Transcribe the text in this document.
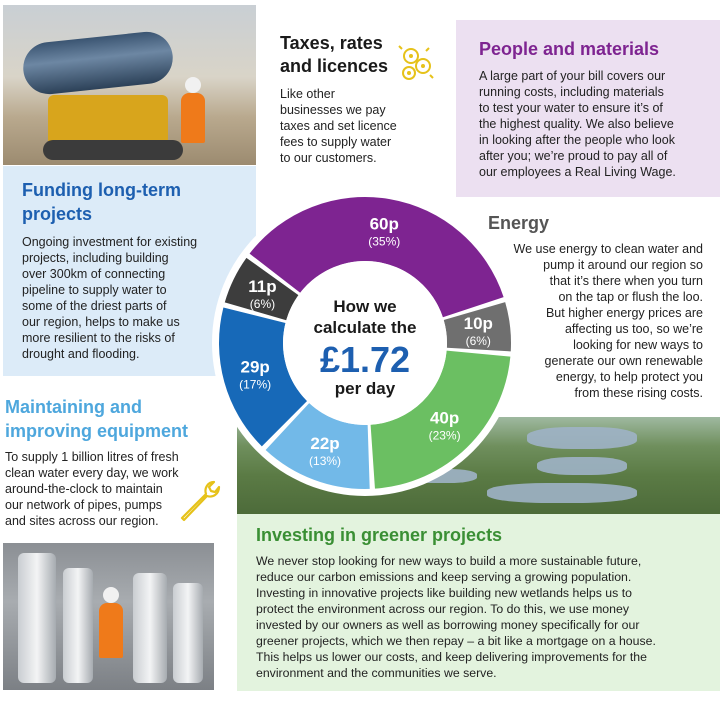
Taxes, rates
and licences
Like other
businesses we pay
taxes and set licence
fees to supply water
to our customers.
People and materials
A large part of your bill covers our
running costs, including materials
to test your water to ensure it’s of
the highest quality. We also believe
in looking after the people who look
after you; we’re proud to pay all of
our employees a Real Living Wage.
Funding long-term
projects
Ongoing investment for existing
projects, including building
over 300km of connecting
pipeline to supply water to
some of the driest parts of
our region, helps to make us
more resilient to the risks of
drought and flooding.
Energy
We use energy to clean water and
pump it around our region so
that it’s there when you turn
on the tap or flush the loo.
But higher energy prices are
affecting us too, so we’re
looking for new ways to
generate our own renewable
energy, to help protect you
from these rising costs.
Maintaining and
improving equipment
To supply 1 billion litres of fresh
clean water every day, we work
around-the-clock to maintain
our network of pipes, pumps
and sites across our region.
Investing in greener projects
We never stop looking for new ways to build a more sustainable future,
reduce our carbon emissions and keep serving a growing population.
Investing in innovative projects like building new wetlands helps us to
protect the environment across our region. To do this, we use money
invested by our owners as well as borrowing money specifically for our
greener projects, which we then repay – a bit like a mortgage on a house.
This helps us lower our costs, and keep delivering improvements for the
environment and the communities we serve.
60p
(35%)
10p
(6%)
40p
(23%)
22p
(13%)
29p
(17%)
11p
(6%)	How we
calculate the
£1.72
per day
